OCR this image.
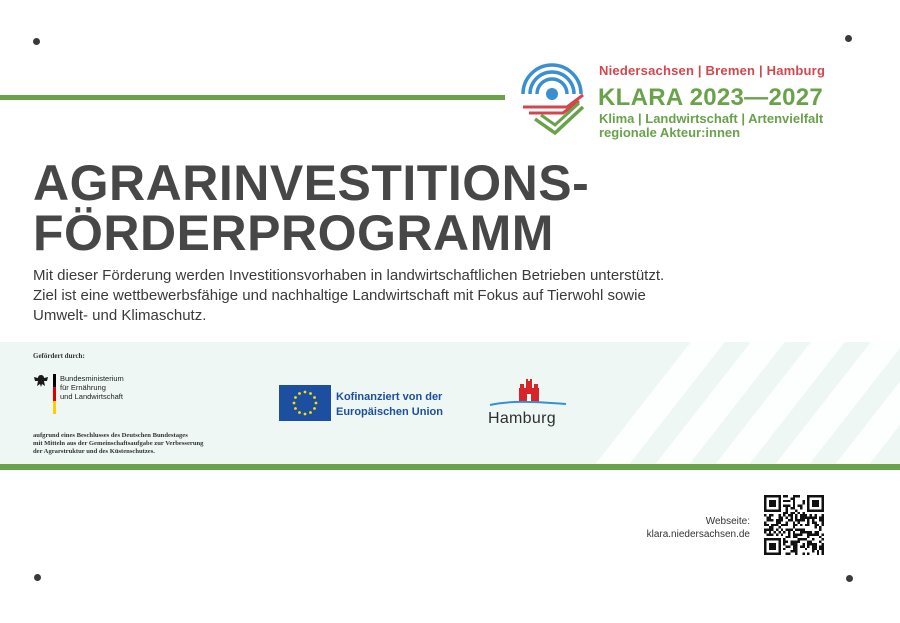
Niedersachsen | Bremen | Hamburg
KLARA 2023—2027
Klima | Landwirtschaft | Artenvielfalt
regionale Akteur:innen
AGRARINVESTITIONS-
FÖRDERPROGRAMM
Mit dieser Förderung werden Investitionsvorhaben in landwirtschaftlichen Betrieben unterstützt.
Ziel ist eine wettbewerbsfähige und nachhaltige Landwirtschaft mit Fokus auf Tierwohl sowie
Umwelt- und Klimaschutz.
Gefördert durch:
Bundesministerium
für Ernährung
und Landwirtschaft
aufgrund eines Beschlusses des Deutschen Bundestages
mit Mitteln aus der Gemeinschaftsaufgabe zur Verbesserung
der Agrarstruktur und des Küstenschutzes.
Kofinanziert von der
Europäischen Union	Hamburg
Webseite:
klara.niedersachsen.de
